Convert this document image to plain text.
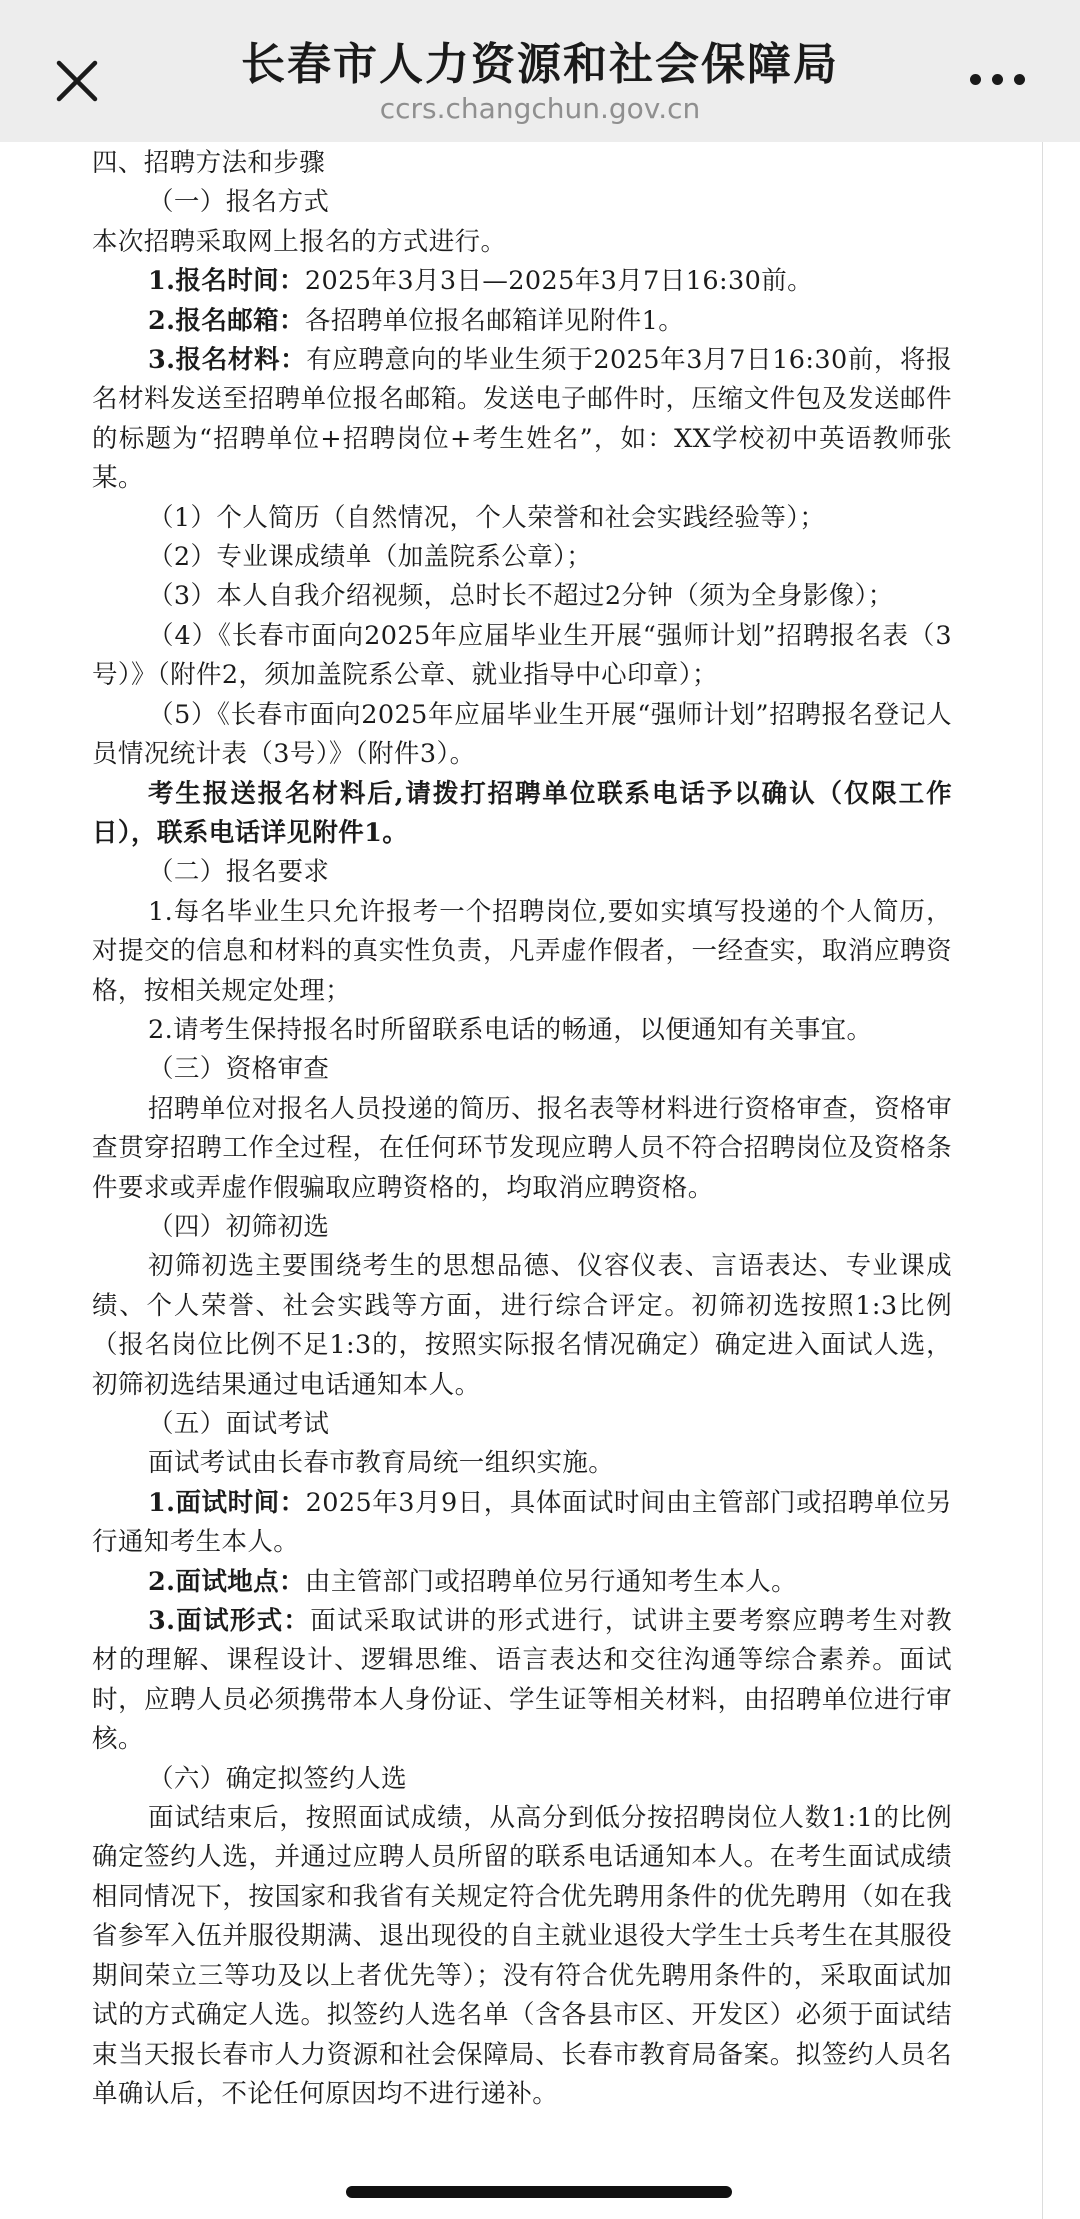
长春市人力资源和社会保障局
ccrs.changchun.gov.cn

四、招聘方法和步骤

（一）报名方式

本次招聘采取网上报名的方式进行。

1.报名时间：2025年3月3日—2025年3月7日16:30前。

2.报名邮箱：各招聘单位报名邮箱详见附件1。

3.报名材料：有应聘意向的毕业生须于2025年3月7日16:30前，将报名材料发送至招聘单位报名邮箱。发送电子邮件时，压缩文件包及发送邮件的标题为“招聘单位+招聘岗位+考生姓名”，如：XX学校初中英语教师张某。

（1）个人简历（自然情况，个人荣誉和社会实践经验等）；

（2）专业课成绩单（加盖院系公章）；

（3）本人自我介绍视频，总时长不超过2分钟（须为全身影像）；

（4）《长春市面向2025年应届毕业生开展“强师计划”招聘报名表（3号）》（附件2，须加盖院系公章、就业指导中心印章）；

（5）《长春市面向2025年应届毕业生开展“强师计划”招聘报名登记人员情况统计表（3号）》（附件3）。

考生报送报名材料后,请拨打招聘单位联系电话予以确认（仅限工作日），联系电话详见附件1。

（二）报名要求

1.每名毕业生只允许报考一个招聘岗位,要如实填写投递的个人简历，对提交的信息和材料的真实性负责，凡弄虚作假者，一经查实，取消应聘资格，按相关规定处理；

2.请考生保持报名时所留联系电话的畅通，以便通知有关事宜。

（三）资格审查

招聘单位对报名人员投递的简历、报名表等材料进行资格审查，资格审查贯穿招聘工作全过程，在任何环节发现应聘人员不符合招聘岗位及资格条件要求或弄虚作假骗取应聘资格的，均取消应聘资格。

（四）初筛初选

初筛初选主要围绕考生的思想品德、仪容仪表、言语表达、专业课成绩、个人荣誉、社会实践等方面，进行综合评定。初筛初选按照1:3比例（报名岗位比例不足1:3的，按照实际报名情况确定）确定进入面试人选，初筛初选结果通过电话通知本人。

（五）面试考试

面试考试由长春市教育局统一组织实施。

1.面试时间：2025年3月9日，具体面试时间由主管部门或招聘单位另行通知考生本人。

2.面试地点：由主管部门或招聘单位另行通知考生本人。

3.面试形式：面试采取试讲的形式进行，试讲主要考察应聘考生对教材的理解、课程设计、逻辑思维、语言表达和交往沟通等综合素养。面试时，应聘人员必须携带本人身份证、学生证等相关材料，由招聘单位进行审核。

（六）确定拟签约人选

面试结束后，按照面试成绩，从高分到低分按招聘岗位人数1:1的比例确定签约人选，并通过应聘人员所留的联系电话通知本人。在考生面试成绩相同情况下，按国家和我省有关规定符合优先聘用条件的优先聘用（如在我省参军入伍并服役期满、退出现役的自主就业退役大学生士兵考生在其服役期间荣立三等功及以上者优先等）；没有符合优先聘用条件的，采取面试加试的方式确定人选。拟签约人选名单（含各县市区、开发区）必须于面试结束当天报长春市人力资源和社会保障局、长春市教育局备案。拟签约人员名单确认后，不论任何原因均不进行递补。
